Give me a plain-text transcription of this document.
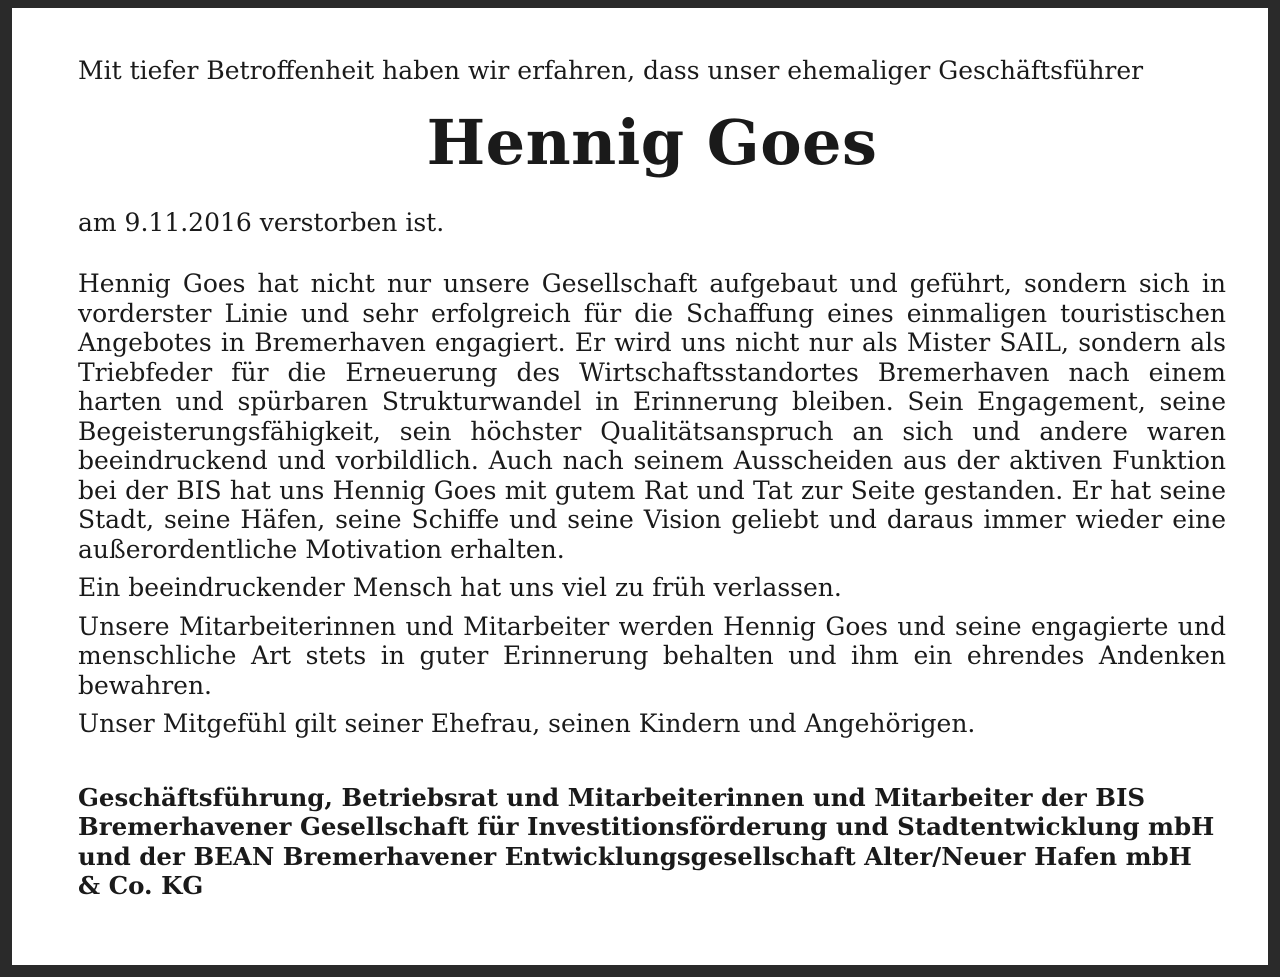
Mit tiefer Betroffenheit haben wir erfahren, dass unser ehemaliger Geschäftsführer

Hennig Goes

am 9.11.2016 verstorben ist.

Hennig Goes hat nicht nur unsere Gesellschaft aufgebaut und geführt, sondern sich in vorderster Linie und sehr erfolgreich für die Schaffung eines einmaligen touristischen Angebotes in Bremerhaven engagiert. Er wird uns nicht nur als Mister SAIL, sondern als Triebfeder für die Erneuerung des Wirtschaftsstandortes Bremerhaven nach einem harten und spürbaren Strukturwandel in Erinnerung bleiben. Sein Engagement, seine Begeisterungsfähigkeit, sein höchster Qualitätsanspruch an sich und andere waren beeindruckend und vorbildlich. Auch nach seinem Ausscheiden aus der aktiven Funktion bei der BIS hat uns Hennig Goes mit gutem Rat und Tat zur Seite gestanden. Er hat seine Stadt, seine Häfen, seine Schiffe und seine Vision geliebt und daraus immer wieder eine außerordentliche Motivation erhalten.

Ein beeindruckender Mensch hat uns viel zu früh verlassen.

Unsere Mitarbeiterinnen und Mitarbeiter werden Hennig Goes und seine engagierte und menschliche Art stets in guter Erinnerung behalten und ihm ein ehrendes Andenken bewahren.

Unser Mitgefühl gilt seiner Ehefrau, seinen Kindern und Angehörigen.

Geschäftsführung, Betriebsrat und Mitarbeiterinnen und Mitarbeiter der BIS Bremerhavener Gesellschaft für Investitionsförderung und Stadtentwicklung mbH und der BEAN Bremerhavener Entwicklungsgesellschaft Alter/Neuer Hafen mbH & Co. KG
